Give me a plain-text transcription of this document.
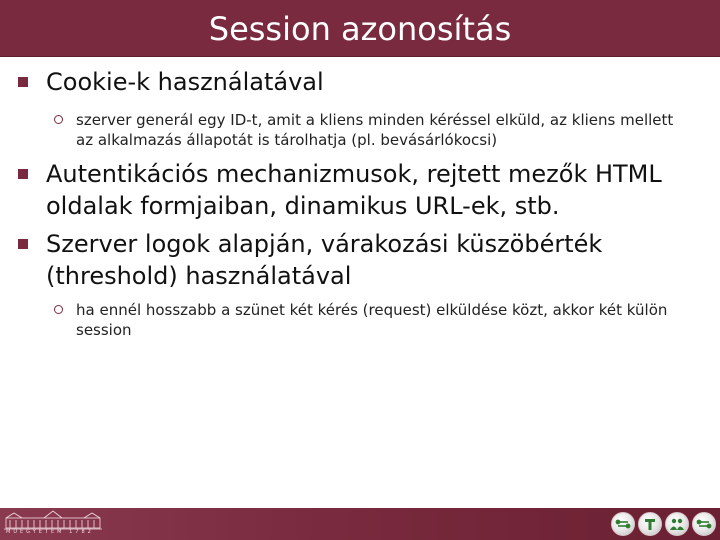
Session azonosítás
Cookie-k használatával
szerver generál egy ID-t, amit a kliens minden kéréssel elküld, az kliens mellett az alkalmazás állapotát is tárolhatja (pl. bevásárlókocsi)
Autentikációs mechanizmusok, rejtett mezők HTML oldalak formjaiban, dinamikus URL-ek, stb.
Szerver logok alapján, várakozási küszöbérték (threshold) használatával
ha ennél hosszabb a szünet két kérés (request) elküldése közt, akkor két külön session
MŰEGYETEM 1782
